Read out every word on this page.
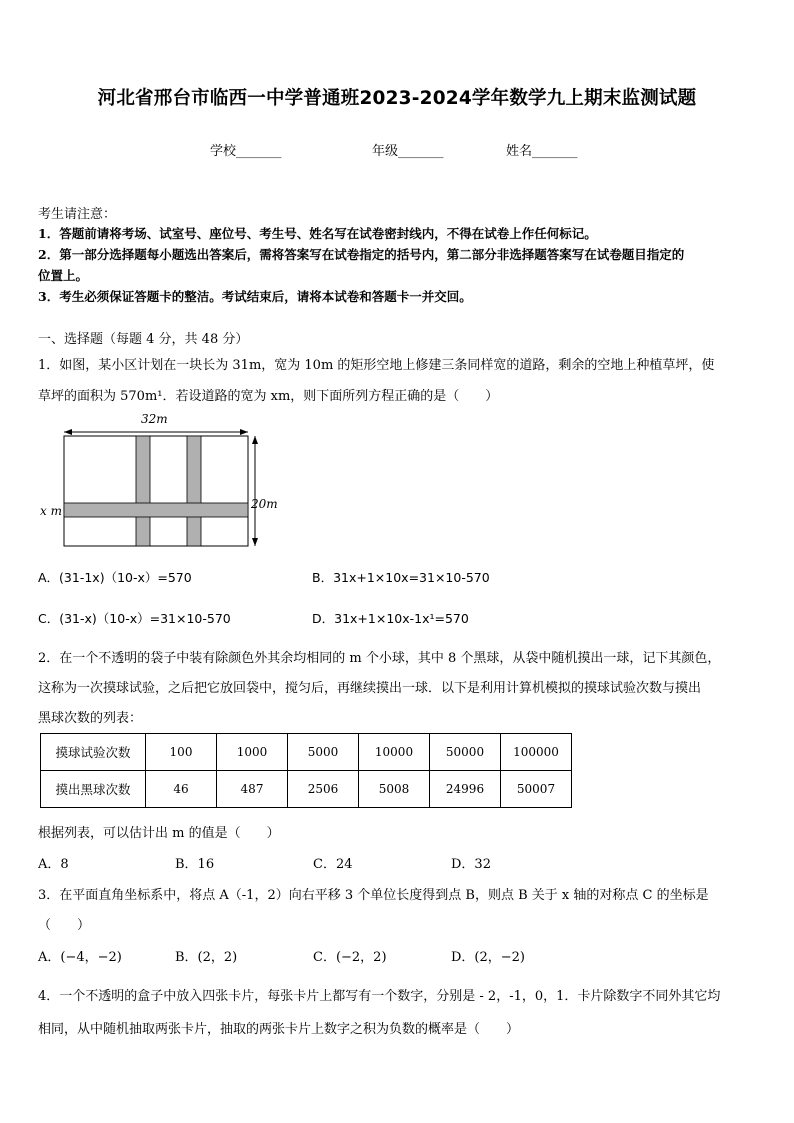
河北省邢台市临西一中学普通班2023-2024学年数学九上期末监测试题
学校_______	年级_______	姓名_______
考生请注意：
1．答题前请将考场、试室号、座位号、考生号、姓名写在试卷密封线内，不得在试卷上作任何标记。
2．第一部分选择题每小题选出答案后，需将答案写在试卷指定的括号内，第二部分非选择题答案写在试卷题目指定的
位置上。
3．考生必须保证答题卡的整洁。考试结束后，请将本试卷和答题卡一并交回。
一、选择题（每题 4 分，共 48 分）
1．如图，某小区计划在一块长为 31m，宽为 10m 的矩形空地上修建三条同样宽的道路，剩余的空地上种植草坪，使
草坪的面积为 570m¹．若设道路的宽为 xm，则下面所列方程正确的是（　　）
32m
20m
x m
A．(31-1x)（10-x）=570	B．31x+1×10x=31×10-570
C．(31-x)（10-x）=31×10-570	D．31x+1×10x-1x¹=570
2．在一个不透明的袋子中装有除颜色外其余均相同的 m 个小球，其中 8 个黑球，从袋中随机摸出一球，记下其颜色，
这称为一次摸球试验，之后把它放回袋中，搅匀后，再继续摸出一球．以下是利用计算机模拟的摸球试验次数与摸出
黑球次数的列表：
摸球试验次数	100	1000	5000	10000	50000	100000
摸出黑球次数	46	487	2506	5008	24996	50007
根据列表，可以估计出 m 的值是（　　）
A．8	B．16	C．24	D．32
3．在平面直角坐标系中，将点 A（-1，2）向右平移 3 个单位长度得到点 B，则点 B 关于 x 轴的对称点 C 的坐标是
（　　）
A．(−4，−2)	B．(2，2)	C．(−2，2)	D．(2，−2)
4．一个不透明的盒子中放入四张卡片，每张卡片上都写有一个数字，分别是 - 2，-1，0，1．卡片除数字不同外其它均
相同，从中随机抽取两张卡片，抽取的两张卡片上数字之积为负数的概率是（　　）
